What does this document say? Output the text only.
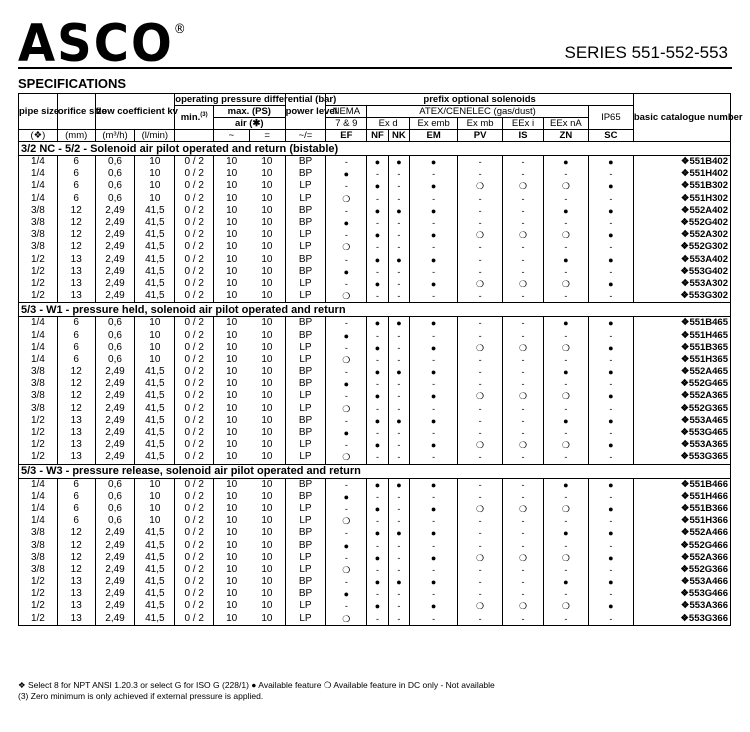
ASCO®
SERIES 551-552-553
SPECIFICATIONS
pipe size	orifice size	flow coefficient kv		operating pressure differential (bar)			power level	prefix optional solenoids								basic catalogue number

				min.$^{(3)}$	max. (PS)			NEMA	ATEX/CENELEC (gas/dust)						IP65	
					air (✱)			7 & 9	Ex d		Ex emb	Ex mb	EEx i	EEx nA		
(❖)	(mm)	(m³/h)	(l/min)		~	=	~/=	EF	NF	NK	EM	PV	IS	ZN	SC	
3/2 NC - 5/2 - Solenoid air pilot operated and return (bistable)																
1/4	6	0,6	10	0 / 2	10	10	BP	-	●	●	●	-	-	●	●	❖551B402
1/4	6	0,6	10	0 / 2	10	10	BP	●	-	-	-	-	-	-	-	❖551H402
1/4	6	0,6	10	0 / 2	10	10	LP	-	●	-	●	❍	❍	❍	●	❖551B302
1/4	6	0,6	10	0 / 2	10	10	LP	❍	-	-	-	-	-	-	-	❖551H302
3/8	12	2,49	41,5	0 / 2	10	10	BP	-	●	●	●	-	-	●	●	❖552A402
3/8	12	2,49	41,5	0 / 2	10	10	BP	●	-	-	-	-	-	-	-	❖552G402
3/8	12	2,49	41,5	0 / 2	10	10	LP	-	●	-	●	❍	❍	❍	●	❖552A302
3/8	12	2,49	41,5	0 / 2	10	10	LP	❍	-	-	-	-	-	-	-	❖552G302
1/2	13	2,49	41,5	0 / 2	10	10	BP	-	●	●	●	-	-	●	●	❖553A402
1/2	13	2,49	41,5	0 / 2	10	10	BP	●	-	-	-	-	-	-	-	❖553G402
1/2	13	2,49	41,5	0 / 2	10	10	LP	-	●	-	●	❍	❍	❍	●	❖553A302
1/2	13	2,49	41,5	0 / 2	10	10	LP	❍	-	-	-	-	-	-	-	❖553G302
5/3 - W1 - pressure held, solenoid air pilot operated and return																
1/4	6	0,6	10	0 / 2	10	10	BP	-	●	●	●	-	-	●	●	❖551B465
1/4	6	0,6	10	0 / 2	10	10	BP	●	-	-	-	-	-	-	-	❖551H465
1/4	6	0,6	10	0 / 2	10	10	LP	-	●	-	●	❍	❍	❍	●	❖551B365
1/4	6	0,6	10	0 / 2	10	10	LP	❍	-	-	-	-	-	-	-	❖551H365
3/8	12	2,49	41,5	0 / 2	10	10	BP	-	●	●	●	-	-	●	●	❖552A465
3/8	12	2,49	41,5	0 / 2	10	10	BP	●	-	-	-	-	-	-	-	❖552G465
3/8	12	2,49	41,5	0 / 2	10	10	LP	-	●	-	●	❍	❍	❍	●	❖552A365
3/8	12	2,49	41,5	0 / 2	10	10	LP	❍	-	-	-	-	-	-	-	❖552G365
1/2	13	2,49	41,5	0 / 2	10	10	BP	-	●	●	●	-	-	●	●	❖553A465
1/2	13	2,49	41,5	0 / 2	10	10	BP	●	-	-	-	-	-	-	-	❖553G465
1/2	13	2,49	41,5	0 / 2	10	10	LP	-	●	-	●	❍	❍	❍	●	❖553A365
1/2	13	2,49	41,5	0 / 2	10	10	LP	❍	-	-	-	-	-	-	-	❖553G365
5/3 - W3 - pressure release, solenoid air pilot operated and return																
1/4	6	0,6	10	0 / 2	10	10	BP	-	●	●	●	-	-	●	●	❖551B466
1/4	6	0,6	10	0 / 2	10	10	BP	●	-	-	-	-	-	-	-	❖551H466
1/4	6	0,6	10	0 / 2	10	10	LP	-	●	-	●	❍	❍	❍	●	❖551B366
1/4	6	0,6	10	0 / 2	10	10	LP	❍	-	-	-	-	-	-	-	❖551H366
3/8	12	2,49	41,5	0 / 2	10	10	BP	-	●	●	●	-	-	●	●	❖552A466
3/8	12	2,49	41,5	0 / 2	10	10	BP	●	-	-	-	-	-	-	-	❖552G466
3/8	12	2,49	41,5	0 / 2	10	10	LP	-	●	-	●	❍	❍	❍	●	❖552A366
3/8	12	2,49	41,5	0 / 2	10	10	LP	❍	-	-	-	-	-	-	-	❖552G366
1/2	13	2,49	41,5	0 / 2	10	10	BP	-	●	●	●	-	-	●	●	❖553A466
1/2	13	2,49	41,5	0 / 2	10	10	BP	●	-	-	-	-	-	-	-	❖553G466
1/2	13	2,49	41,5	0 / 2	10	10	LP	-	●	-	●	❍	❍	❍	●	❖553A366
1/2	13	2,49	41,5	0 / 2	10	10	LP	❍	-	-	-	-	-	-	-	❖553G366
❖ Select 8 for NPT ANSI 1.20.3 or select G for ISO G (228/1) ● Available feature ❍ Available feature in DC only - Not available
(3) Zero minimum is only achieved if external pressure is applied.
